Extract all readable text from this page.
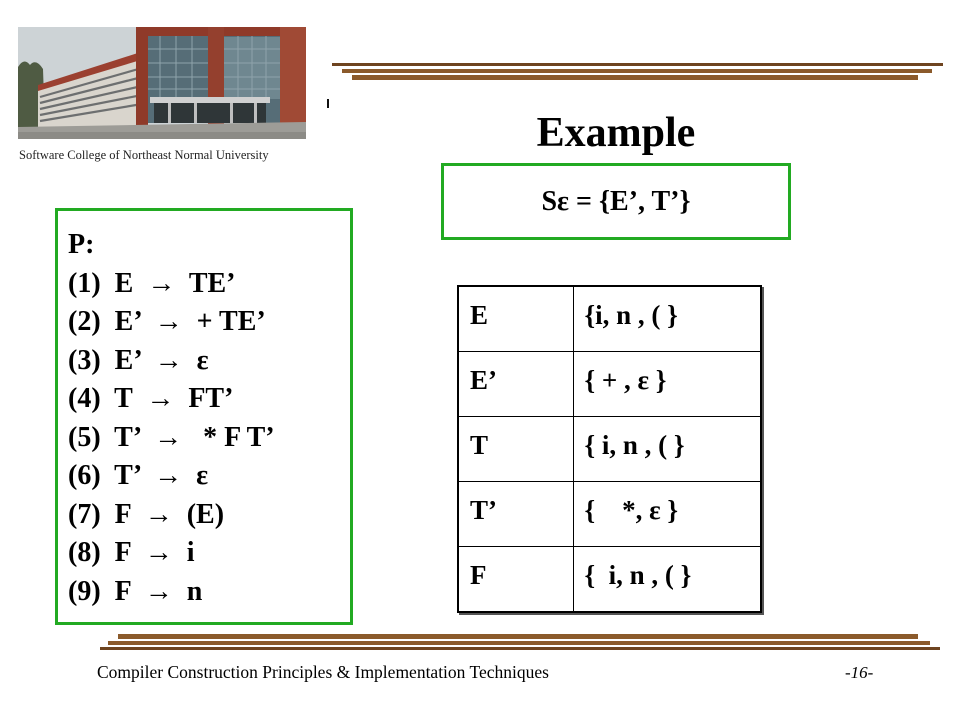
Software College of Northeast Normal University	Example
Sε = {E’, T’}
P:
(1)  E  →  TE’
(2)  E’  →  + TE’
(3)  E’  →  ε
(4)  T  →  FT’
(5)  T’  →   * F T’
(6)  T’  →  ε
(7)  F  →  (E)
(8)  F  →  i
(9)  F  →  n
E	{i, n , ( }
E’	{ + , ε }
T	{ i, n , ( }
T’	{    *, ε }
F	{  i, n , ( }
Compiler Construction Principles & Implementation Techniques	-16-
